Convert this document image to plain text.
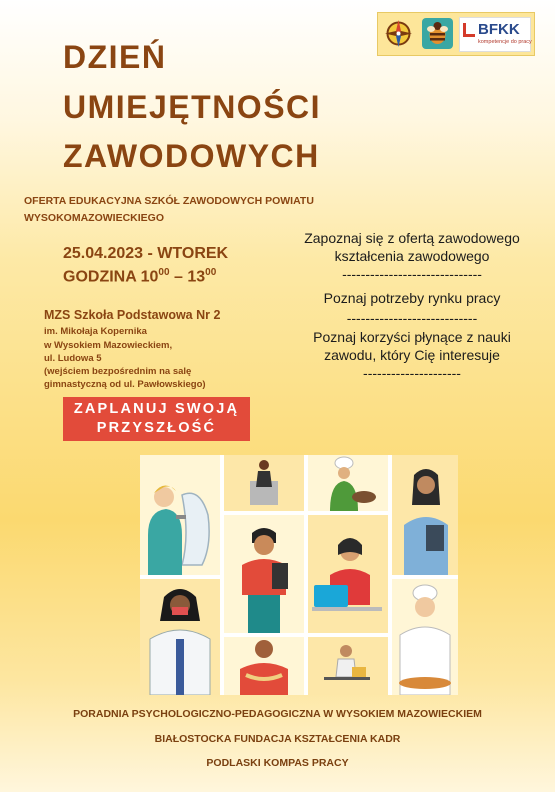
BFKK
kompetencje do pracy
DZIEŃ
UMIEJĘTNOŚCI
ZAWODOWYCH
OFERTA EDUKACYJNA SZKÓŁ ZAWODOWYCH POWIATU
WYSOKOMAZOWIECKIEGO
25.04.2023 - WTOREK
GODZINA $10^{00} - 13^{00}$
MZS Szkoła Podstawowa Nr 2
im. Mikołaja Kopernika
w Wysokiem Mazowieckiem,
ul. Ludowa 5
(wejściem bezpośrednim na salę
gimnastyczną od ul. Pawłowskiego)
ZAPLANUJ SWOJĄ
PRZYSZŁOŚĆ
Zapoznaj się z ofertą zawodowego
kształcenia zawodowego
------------------------------
Poznaj potrzeby rynku pracy
----------------------------
Poznaj korzyści płynące z nauki
zawodu, który Cię interesuje
---------------------
PORADNIA PSYCHOLOGICZNO-PEDAGOGICZNA W WYSOKIEM MAZOWIECKIEM
BIAŁOSTOCKA FUNDACJA KSZTAŁCENIA KADR
PODLASKI KOMPAS PRACY
